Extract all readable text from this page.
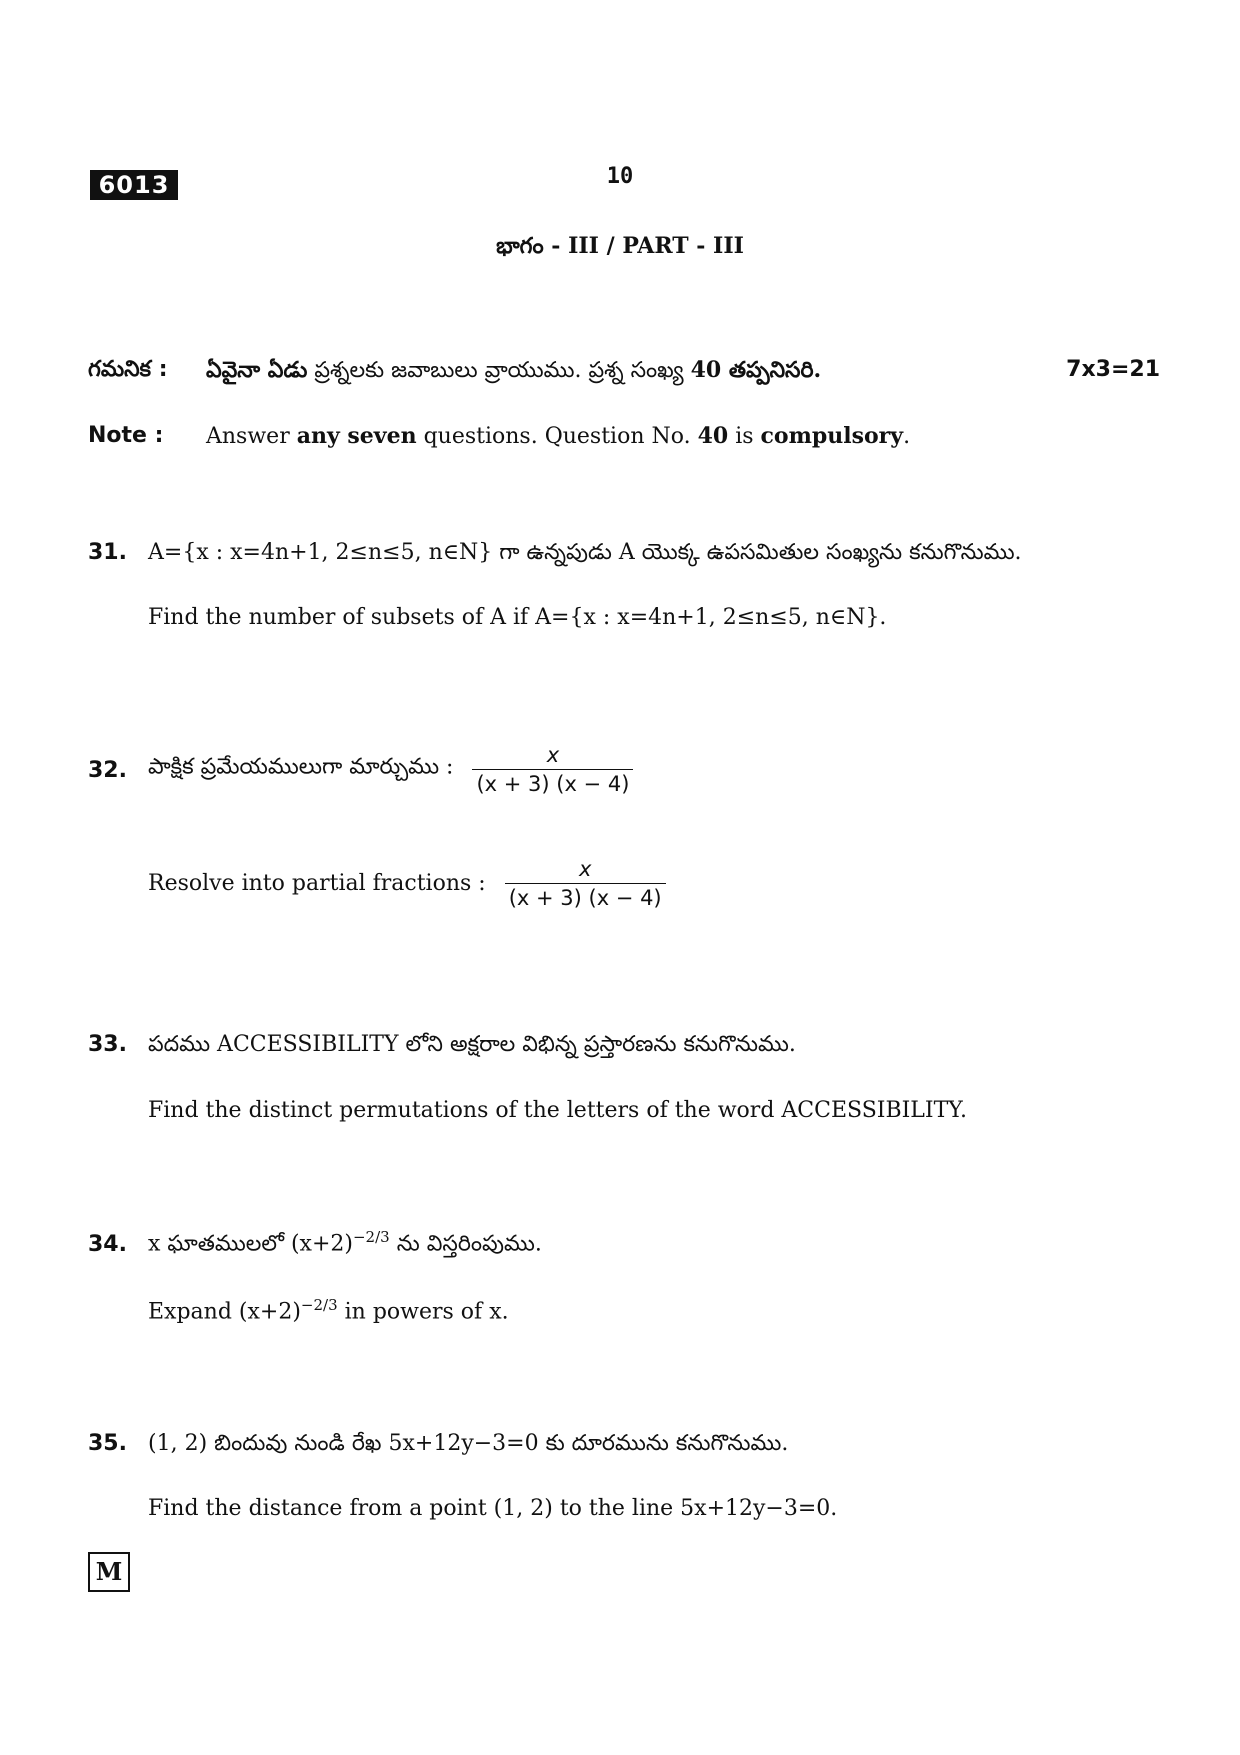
6013	10
భాగం - III / PART - III
గమనిక : ఏవైనా ఏడు ప్రశ్నలకు జవాబులు వ్రాయుము. ప్రశ్న సంఖ్య 40 తప్పనిసరి.	7x3=21
Note : Answer any seven questions. Question No. 40 is compulsory.
31. A={x : x=4n+1, 2≤n≤5, n∈N} గా ఉన్నపుడు A యొక్క ఉపసమితుల సంఖ్యను కనుగొనుము.
Find the number of subsets of A if A={x : x=4n+1, 2≤n≤5, n∈N}.
32. పాక్షిక ప్రమేయములుగా మార్చుము : $\frac{x}{(x + 3) (x - 4)}$
Resolve into partial fractions : $\frac{x}{(x + 3) (x - 4)}$
33. పదము ACCESSIBILITY లోని అక్షరాల విభిన్న ప్రస్తారణను కనుగొనుము.
Find the distinct permutations of the letters of the word ACCESSIBILITY.
34. x ఘాతములలో $(x+2)^{-2/3}$ ను విస్తరింపుము.
Expand $(x+2)^{-2/3}$ in powers of x.
35. (1, 2) బిందువు నుండి రేఖ 5x+12y−3=0 కు దూరమును కనుగొనుము.
Find the distance from a point (1, 2) to the line 5x+12y−3=0.
M
